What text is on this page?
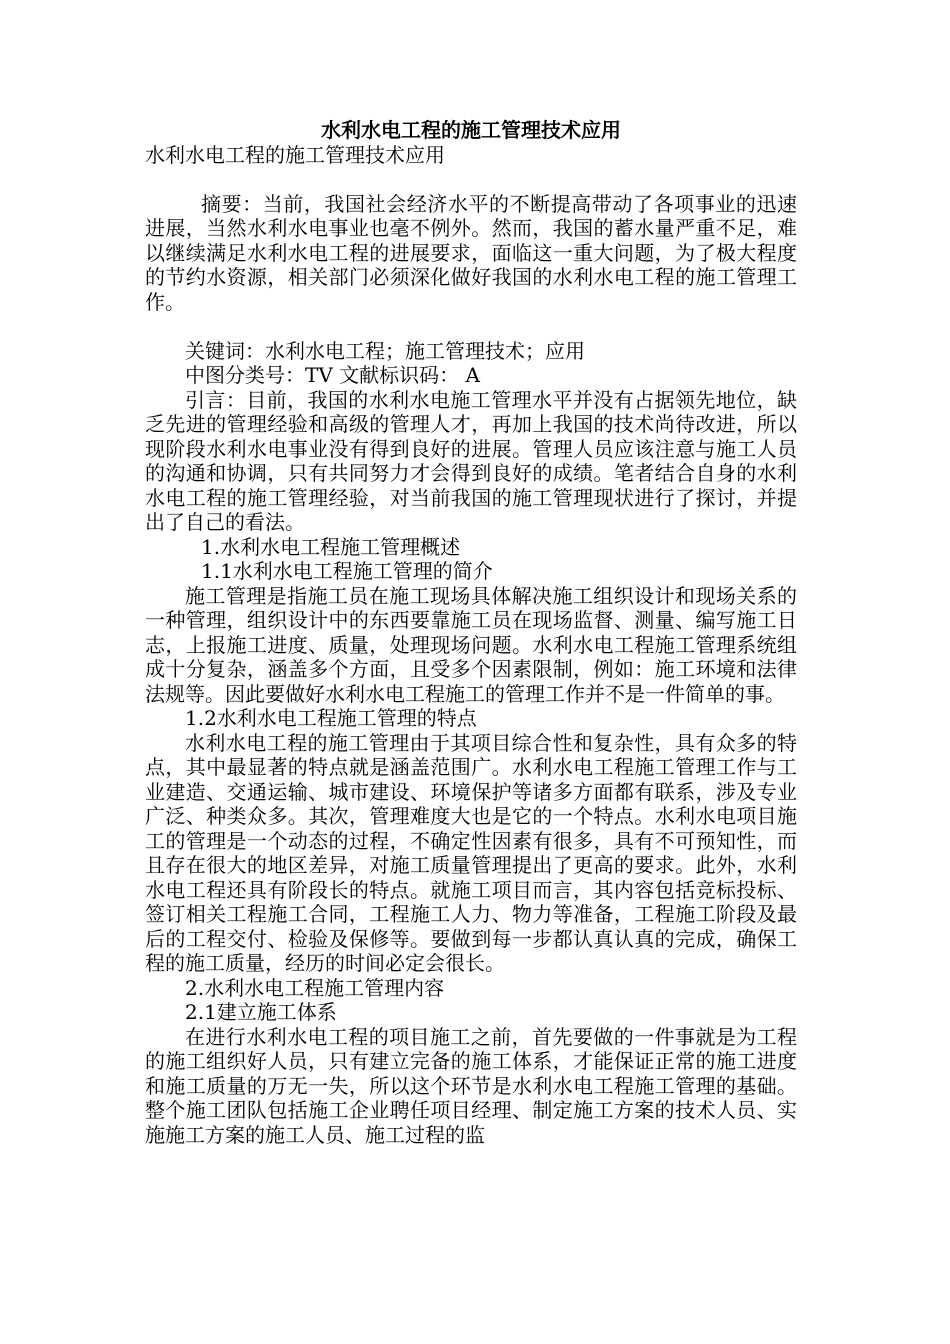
水利水电工程的施工管理技术应用

水利水电工程的施工管理技术应用

摘要：当前，我国社会经济水平的不断提高带动了各项事业的迅速进展，当然水利水电事业也毫不例外。然而，我国的蓄水量严重不足，难以继续满足水利水电工程的进展要求，面临这一重大问题，为了极大程度的节约水资源，相关部门必须深化做好我国的水利水电工程的施工管理工作。

关键词：水利水电工程；施工管理技术；应用

中图分类号：TV 文献标识码： A

引言：目前，我国的水利水电施工管理水平并没有占据领先地位，缺乏先进的管理经验和高级的管理人才，再加上我国的技术尚待改进，所以现阶段水利水电事业没有得到良好的进展。管理人员应该注意与施工人员的沟通和协调，只有共同努力才会得到良好的成绩。笔者结合自身的水利水电工程的施工管理经验，对当前我国的施工管理现状进行了探讨，并提出了自己的看法。

1.水利水电工程施工管理概述

1.1水利水电工程施工管理的简介

施工管理是指施工员在施工现场具体解决施工组织设计和现场关系的一种管理，组织设计中的东西要靠施工员在现场监督、测量、编写施工日志，上报施工进度、质量，处理现场问题。水利水电工程施工管理系统组成十分复杂，涵盖多个方面，且受多个因素限制，例如：施工环境和法律法规等。因此要做好水利水电工程施工的管理工作并不是一件简单的事。

1.2水利水电工程施工管理的特点

水利水电工程的施工管理由于其项目综合性和复杂性，具有众多的特点，其中最显著的特点就是涵盖范围广。水利水电工程施工管理工作与工业建造、交通运输、城市建设、环境保护等诸多方面都有联系，涉及专业广泛、种类众多。其次，管理难度大也是它的一个特点。水利水电项目施工的管理是一个动态的过程，不确定性因素有很多，具有不可预知性，而且存在很大的地区差异，对施工质量管理提出了更高的要求。此外，水利水电工程还具有阶段长的特点。就施工项目而言，其内容包括竞标投标、签订相关工程施工合同，工程施工人力、物力等准备，工程施工阶段及最后的工程交付、检验及保修等。要做到每一步都认真认真的完成，确保工程的施工质量，经历的时间必定会很长。

2.水利水电工程施工管理内容

2.1建立施工体系

在进行水利水电工程的项目施工之前，首先要做的一件事就是为工程的施工组织好人员，只有建立完备的施工体系，才能保证正常的施工进度和施工质量的万无一失，所以这个环节是水利水电工程施工管理的基础。整个施工团队包括施工企业聘任项目经理、制定施工方案的技术人员、实施施工方案的施工人员、施工过程的监
